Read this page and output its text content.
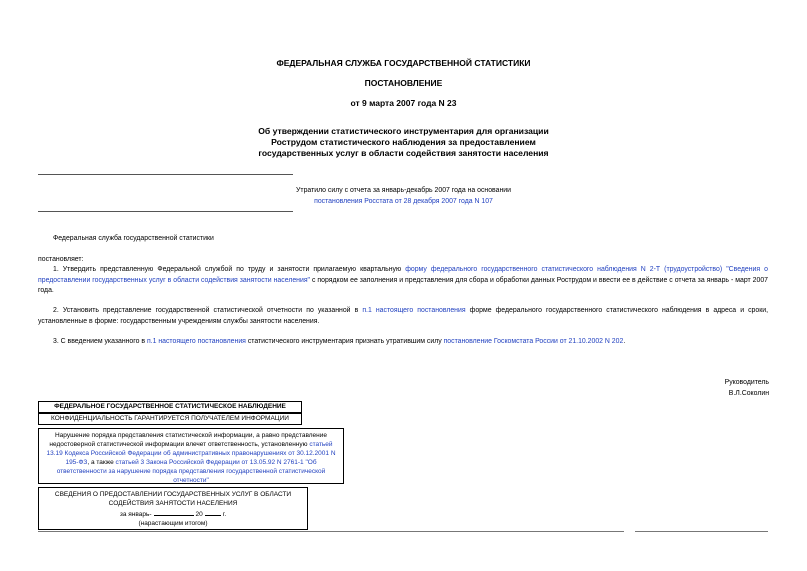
ФЕДЕРАЛЬНАЯ СЛУЖБА ГОСУДАРСТВЕННОЙ СТАТИСТИКИ
ПОСТАНОВЛЕНИЕ
от 9 марта 2007 года N 23
Об утверждении статистического инструментария для организации
Рострудом статистического наблюдения за предоставлением
государственных услуг в области содействия занятости населения
Утратило силу с отчета за январь-декабрь 2007 года на основании
постановления Росстата от 28 декабря 2007 года N 107
Федеральная служба государственной статистики
постановляет:
1. Утвердить представленную Федеральной службой по труду и занятости прилагаемую квартальную форму федерального государственного статистического наблюдения N 2-Т (трудоустройство) "Сведения о предоставлении государственных услуг в области содействия занятости населения" с порядком ее заполнения и представления для сбора и обработки данных Рострудом и ввести ее в действие с отчета за январь - март 2007 года.
2. Установить представление государственной статистической отчетности по указанной в п.1 настоящего постановления форме федерального государственного статистического наблюдения в адреса и сроки, установленные в форме: государственным учреждениям службы занятости населения.
3. С введением указанного в п.1 настоящего постановления статистического инструментария признать утратившим силу постановление Госкомстата России от 21.10.2002 N 202.
Руководитель
В.Л.Соколин
ФЕДЕРАЛЬНОЕ ГОСУДАРСТВЕННОЕ СТАТИСТИЧЕСКОЕ НАБЛЮДЕНИЕ
КОНФИДЕНЦИАЛЬНОСТЬ ГАРАНТИРУЕТСЯ ПОЛУЧАТЕЛЕМ ИНФОРМАЦИИ
Нарушение порядка представления статистической информации, а равно представление недостоверной статистической информации влечет ответственность, установленную статьей 13.19 Кодекса Российской Федерации об административных правонарушениях от 30.12.2001 N 195-ФЗ, а также статьей 3 Закона Российской Федерации от 13.05.92 N 2761-1 "Об ответственности за нарушение порядка представления государственной статистической отчетности"
СВЕДЕНИЯ О ПРЕДОСТАВЛЕНИИ ГОСУДАРСТВЕННЫХ УСЛУГ В ОБЛАСТИ
СОДЕЙСТВИЯ ЗАНЯТОСТИ НАСЕЛЕНИЯ
за январь-	20	г.
(нарастающим итогом)
